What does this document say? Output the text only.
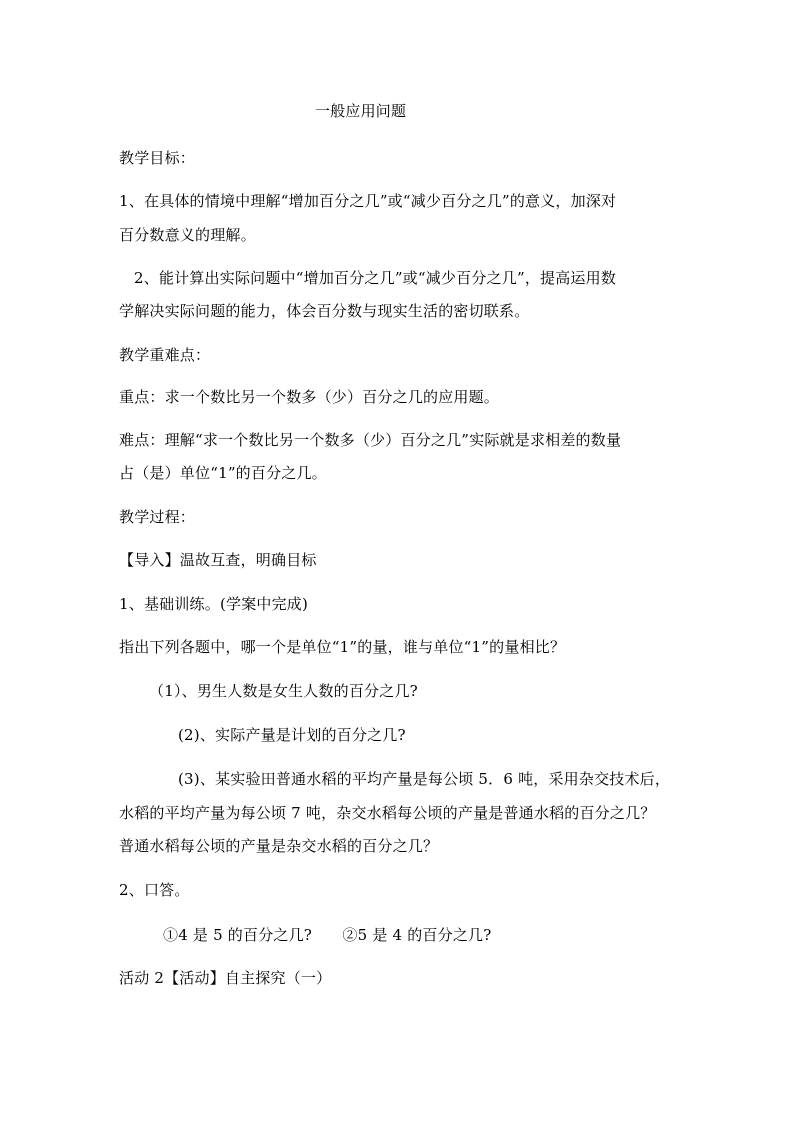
一般应用问题
教学目标：
1、在具体的情境中理解“增加百分之几”或“减少百分之几”的意义，加深对
百分数意义的理解。
2、能计算出实际问题中“增加百分之几”或“减少百分之几”，提高运用数
学解决实际问题的能力，体会百分数与现实生活的密切联系。
教学重难点：
重点：求一个数比另一个数多（少）百分之几的应用题。
难点：理解“求一个数比另一个数多（少）百分之几”实际就是求相差的数量
占（是）单位“1”的百分之几。
教学过程：
【导入】温故互查，明确目标
1、基础训练。(学案中完成)
指出下列各题中，哪一个是单位“1”的量，谁与单位“1”的量相比？
（1）、男生人数是女生人数的百分之几?
(2)、实际产量是计划的百分之几?
(3)、某实验田普通水稻的平均产量是每公顷 5．6 吨，采用杂交技术后，
水稻的平均产量为每公顷 7 吨，杂交水稻每公顷的产量是普通水稻的百分之几？
普通水稻每公顷的产量是杂交水稻的百分之几？
2、口答。
①4 是 5 的百分之几?　　②5 是 4 的百分之几?
活动 2【活动】自主探究（一）
